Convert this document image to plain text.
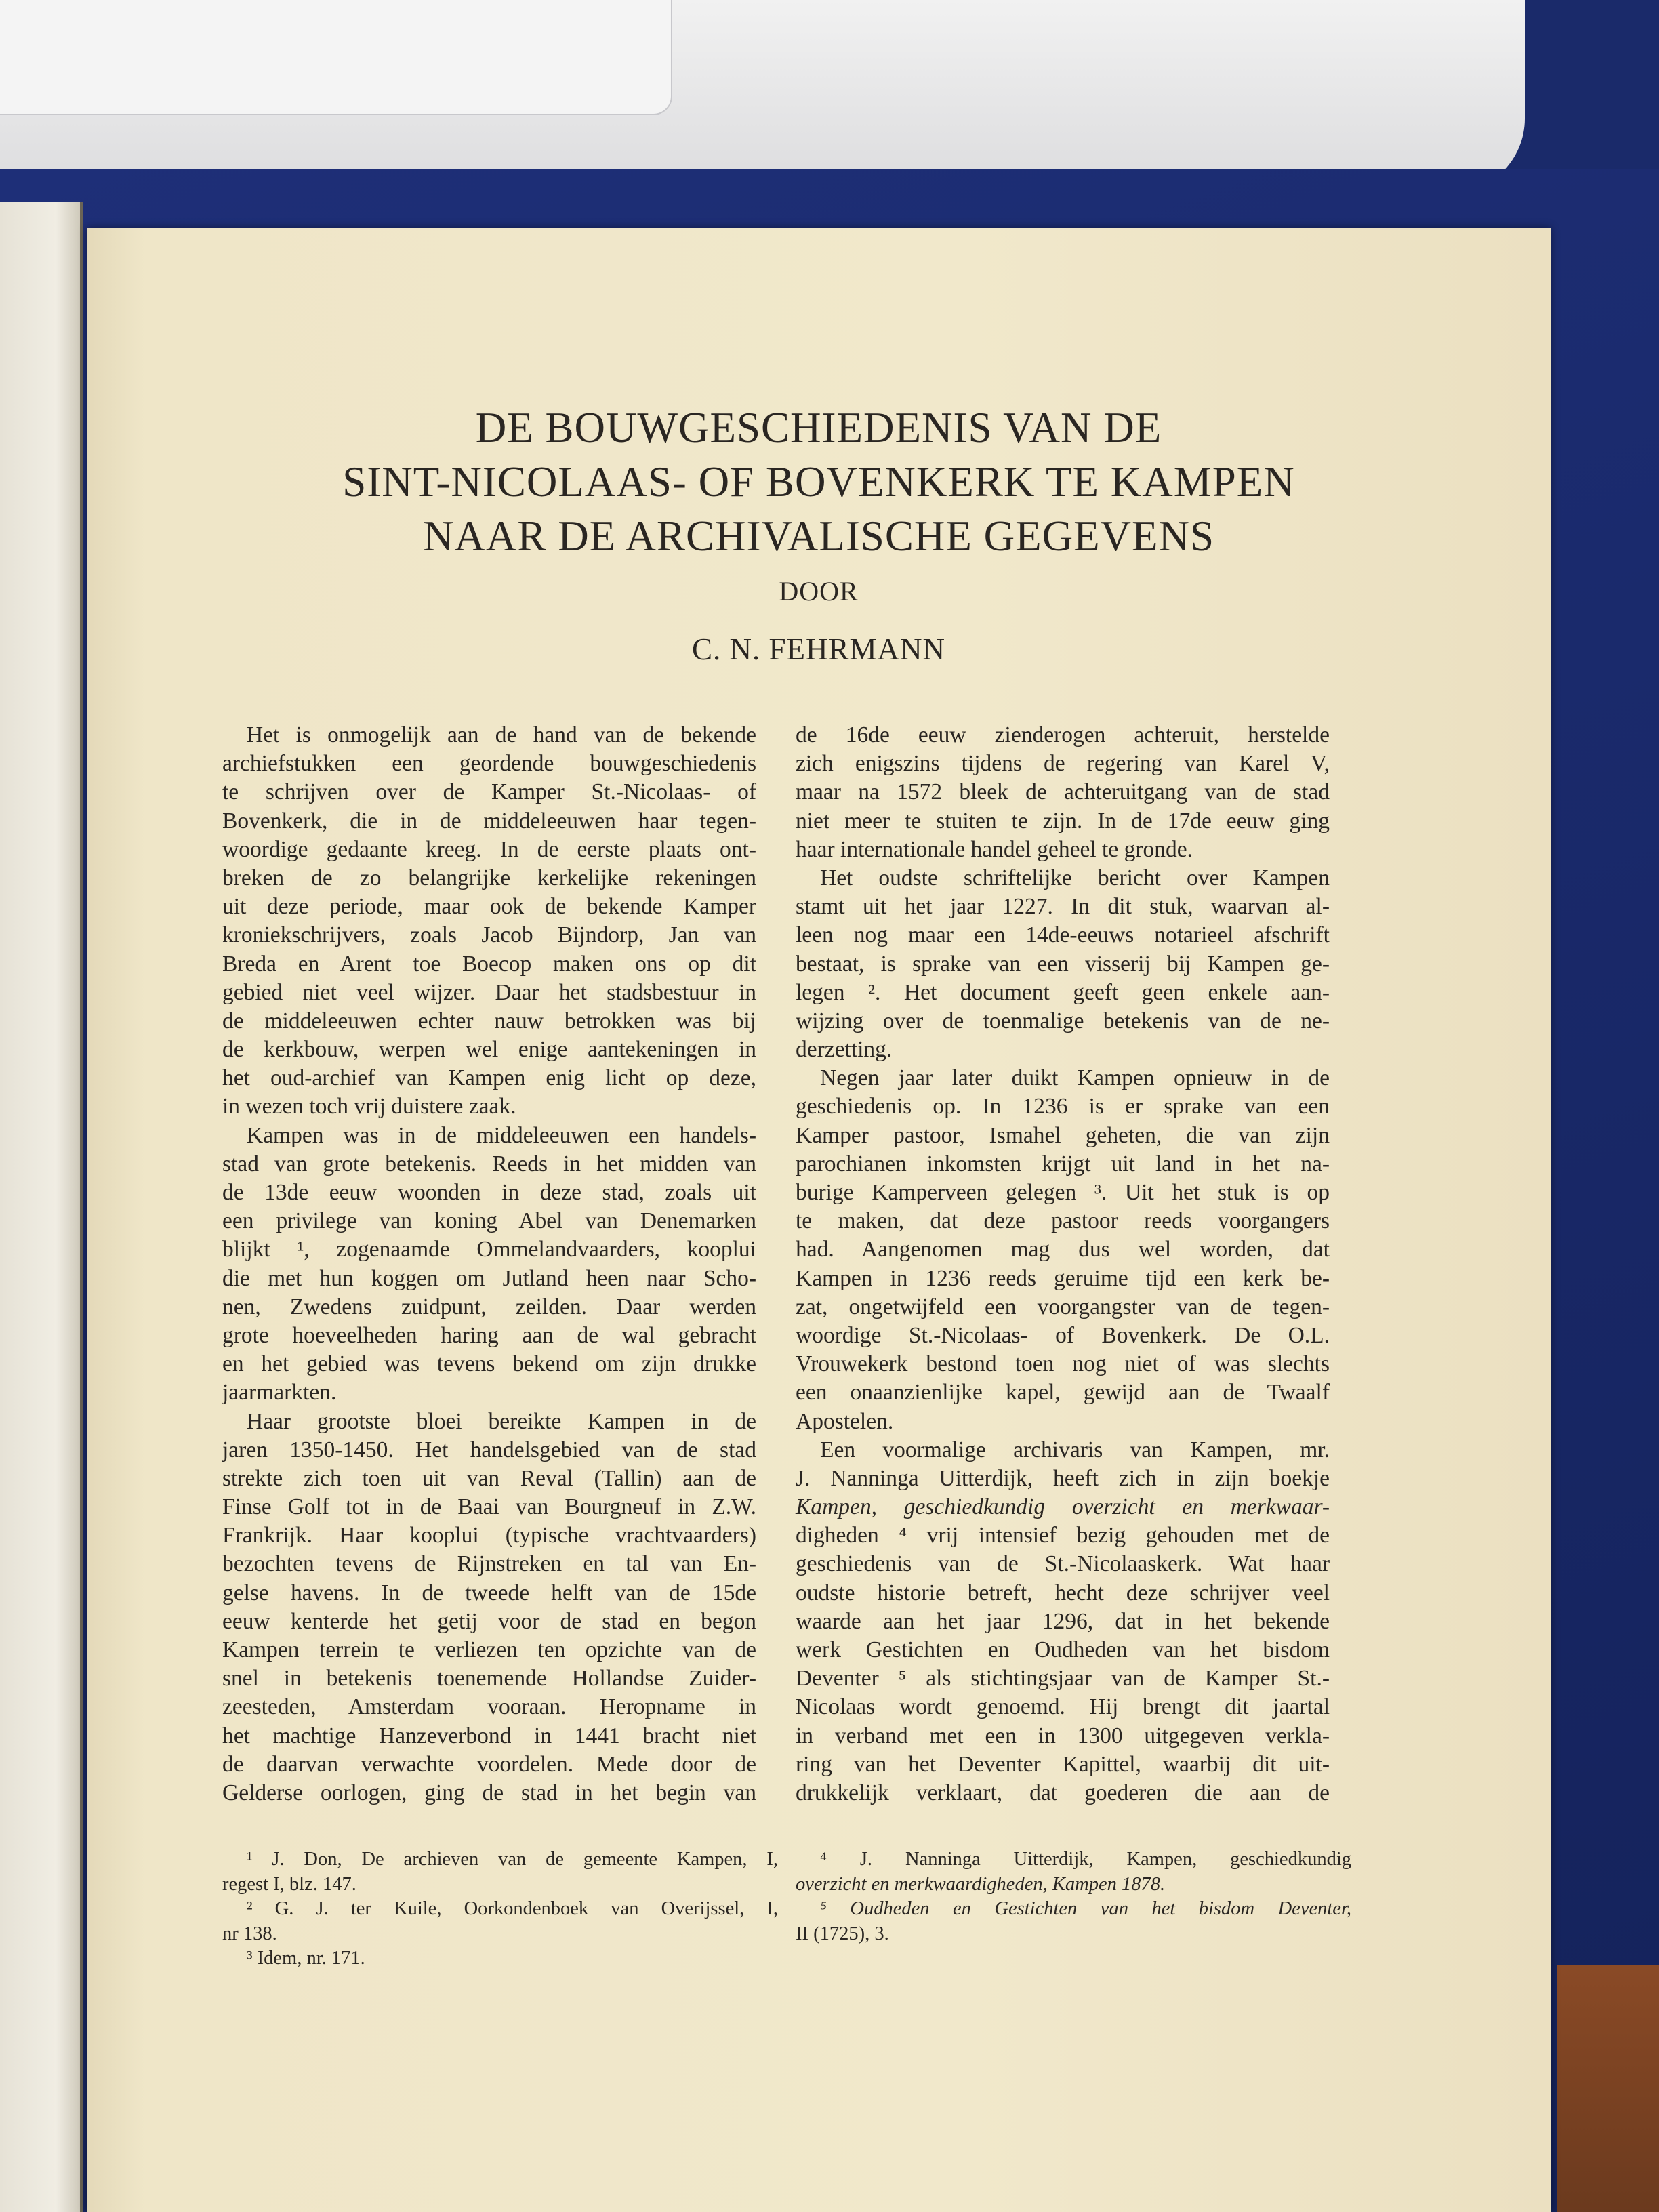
DE BOUWGESCHIEDENIS VAN DE
SINT-NICOLAAS- OF BOVENKERK TE KAMPEN
NAAR DE ARCHIVALISCHE GEGEVENS
DOOR
C. N. FEHRMANN
Het is onmogelijk aan de hand van de bekende
archiefstukken een geordende bouwgeschiedenis
te schrijven over de Kamper St.-Nicolaas- of
Bovenkerk, die in de middeleeuwen haar tegen-
woordige gedaante kreeg. In de eerste plaats ont-
breken de zo belangrijke kerkelijke rekeningen
uit deze periode, maar ook de bekende Kamper
kroniekschrijvers, zoals Jacob Bijndorp, Jan van
Breda en Arent toe Boecop maken ons op dit
gebied niet veel wijzer. Daar het stadsbestuur in
de middeleeuwen echter nauw betrokken was bij
de kerkbouw, werpen wel enige aantekeningen in
het oud-archief van Kampen enig licht op deze,
in wezen toch vrij duistere zaak.
Kampen was in de middeleeuwen een handels-
stad van grote betekenis. Reeds in het midden van
de 13de eeuw woonden in deze stad, zoals uit
een privilege van koning Abel van Denemarken
blijkt ¹, zogenaamde Ommelandvaarders, kooplui
die met hun koggen om Jutland heen naar Scho-
nen, Zwedens zuidpunt, zeilden. Daar werden
grote hoeveelheden haring aan de wal gebracht
en het gebied was tevens bekend om zijn drukke
jaarmarkten.
Haar grootste bloei bereikte Kampen in de
jaren 1350-1450. Het handelsgebied van de stad
strekte zich toen uit van Reval (Tallin) aan de
Finse Golf tot in de Baai van Bourgneuf in Z.W.
Frankrijk. Haar kooplui (typische vrachtvaarders)
bezochten tevens de Rijnstreken en tal van En-
gelse havens. In de tweede helft van de 15de
eeuw kenterde het getij voor de stad en begon
Kampen terrein te verliezen ten opzichte van de
snel in betekenis toenemende Hollandse Zuider-
zeesteden, Amsterdam vooraan. Heropname in
het machtige Hanzeverbond in 1441 bracht niet
de daarvan verwachte voordelen. Mede door de
Gelderse oorlogen, ging de stad in het begin van
de 16de eeuw zienderogen achteruit, herstelde
zich enigszins tijdens de regering van Karel V,
maar na 1572 bleek de achteruitgang van de stad
niet meer te stuiten te zijn. In de 17de eeuw ging
haar internationale handel geheel te gronde.
Het oudste schriftelijke bericht over Kampen
stamt uit het jaar 1227. In dit stuk, waarvan al-
leen nog maar een 14de-eeuws notarieel afschrift
bestaat, is sprake van een visserij bij Kampen ge-
legen ². Het document geeft geen enkele aan-
wijzing over de toenmalige betekenis van de ne-
derzetting.
Negen jaar later duikt Kampen opnieuw in de
geschiedenis op. In 1236 is er sprake van een
Kamper pastoor, Ismahel geheten, die van zijn
parochianen inkomsten krijgt uit land in het na-
burige Kamperveen gelegen ³. Uit het stuk is op
te maken, dat deze pastoor reeds voorgangers
had. Aangenomen mag dus wel worden, dat
Kampen in 1236 reeds geruime tijd een kerk be-
zat, ongetwijfeld een voorgangster van de tegen-
woordige St.-Nicolaas- of Bovenkerk. De O.L.
Vrouwekerk bestond toen nog niet of was slechts
een onaanzienlijke kapel, gewijd aan de Twaalf
Apostelen.
Een voormalige archivaris van Kampen, mr.
J. Nanninga Uitterdijk, heeft zich in zijn boekje
Kampen, geschiedkundig overzicht en merkwaar-
digheden ⁴ vrij intensief bezig gehouden met de
geschiedenis van de St.-Nicolaaskerk. Wat haar
oudste historie betreft, hecht deze schrijver veel
waarde aan het jaar 1296, dat in het bekende
werk Gestichten en Oudheden van het bisdom
Deventer ⁵ als stichtingsjaar van de Kamper St.-
Nicolaas wordt genoemd. Hij brengt dit jaartal
in verband met een in 1300 uitgegeven verkla-
ring van het Deventer Kapittel, waarbij dit uit-
drukkelijk verklaart, dat goederen die aan de
¹ J. Don, De archieven van de gemeente Kampen, I,
regest I, blz. 147.
² G. J. ter Kuile, Oorkondenboek van Overijssel, I,
nr 138.
³ Idem, nr. 171.
⁴ J. Nanninga Uitterdijk, Kampen, geschiedkundig
overzicht en merkwaardigheden, Kampen 1878.
⁵ Oudheden en Gestichten van het bisdom Deventer,
II (1725), 3.
